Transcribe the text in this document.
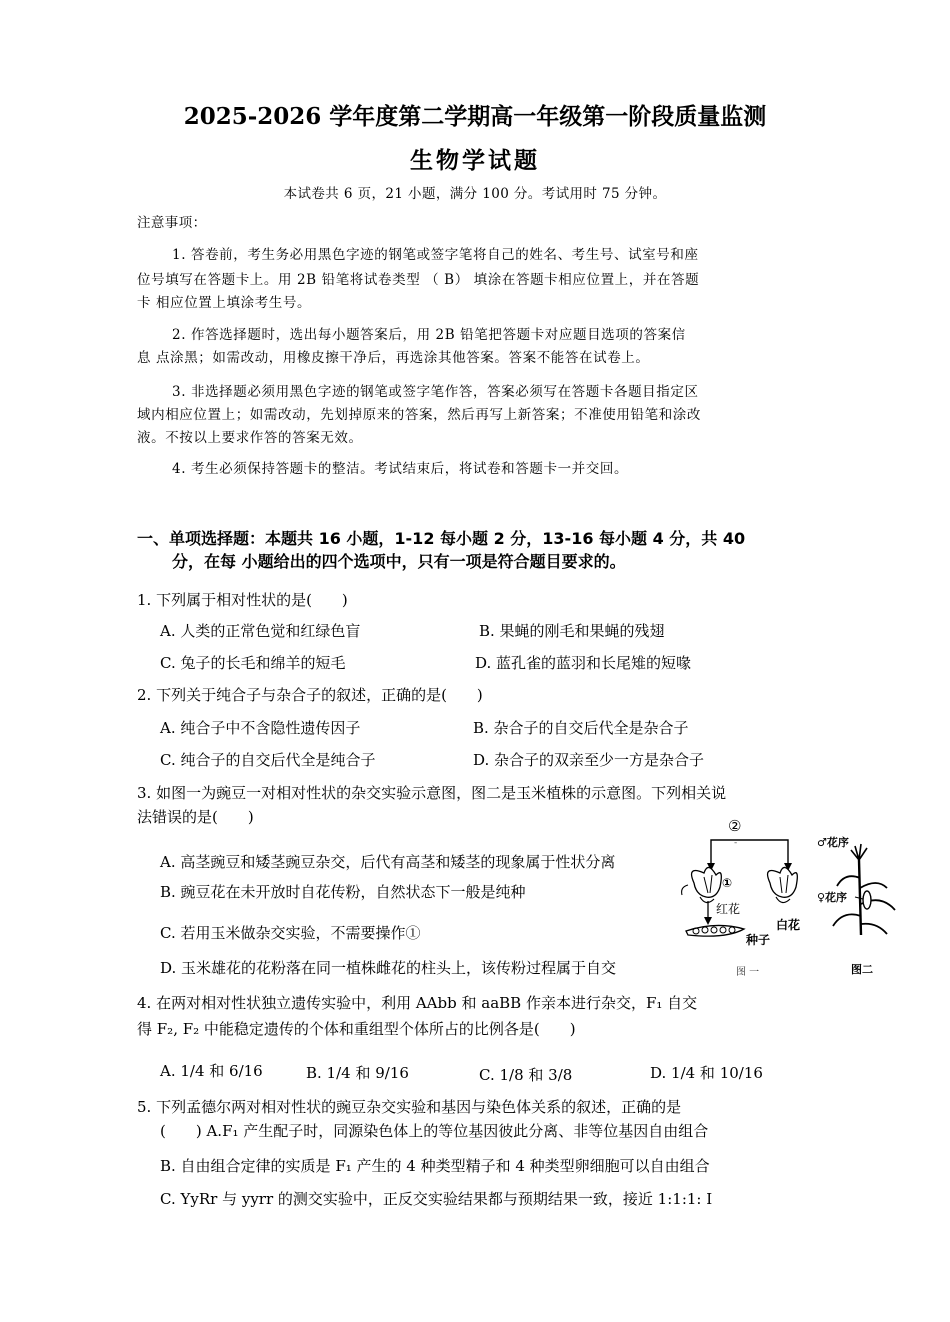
2025-2026 学年度第二学期高一年级第一阶段质量监测
生物学试题
本试卷共 6 页，21 小题，满分 100 分。考试用时 75 分钟。
注意事项：
1. 答卷前，考生务必用黑色字迹的钢笔或签字笔将自己的姓名、考生号、试室号和座
位号填写在答题卡上。用 2B 铅笔将试卷类型 （ B） 填涂在答题卡相应位置上，并在答题
卡 相应位置上填涂考生号。
2. 作答选择题时，选出每小题答案后，用 2B 铅笔把答题卡对应题目选项的答案信
息 点涂黑；如需改动，用橡皮擦干净后，再选涂其他答案。答案不能答在试卷上。
3. 非选择题必须用黑色字迹的钢笔或签字笔作答，答案必须写在答题卡各题目指定区
域内相应位置上；如需改动，先划掉原来的答案，然后再写上新答案；不准使用铅笔和涂改
液。不按以上要求作答的答案无效。
4. 考生必须保持答题卡的整洁。考试结束后，将试卷和答题卡一并交回。
一、单项选择题：本题共 16 小题，1-12 每小题 2 分，13-16 每小题 4 分，共 40
分，在每 小题给出的四个选项中，只有一项是符合题目要求的。
1. 下列属于相对性状的是(　　)
A. 人类的正常色觉和红绿色盲	B. 果蝇的刚毛和果蝇的残翅
C. 兔子的长毛和绵羊的短毛	D. 蓝孔雀的蓝羽和长尾雉的短喙
2. 下列关于纯合子与杂合子的叙述，正确的是(　　)
A. 纯合子中不含隐性遗传因子	B. 杂合子的自交后代全是杂合子
C. 纯合子的自交后代全是纯合子	D. 杂合子的双亲至少一方是杂合子
3. 如图一为豌豆一对相对性状的杂交实验示意图，图二是玉米植株的示意图。下列相关说
法错误的是(　　)
A. 高茎豌豆和矮茎豌豆杂交，后代有高茎和矮茎的现象属于性状分离
B. 豌豆花在未开放时自花传粉，自然状态下一般是纯种
C. 若用玉米做杂交实验，不需要操作①
D. 玉米雄花的花粉落在同一植株雌花的柱头上，该传粉过程属于自交
②
-
①
红花
白花
种子
图 一
♂花序
♀花序
图二
4. 在两对相对性状独立遗传实验中，利用 AAbb 和 aaBB 作亲本进行杂交，F₁ 自交
得 F₂, F₂ 中能稳定遗传的个体和重组型个体所占的比例各是(　　)
A. 1/4 和 6/16	B. 1/4 和 9/16	C. 1/8 和 3/8	D. 1/4 和 10/16
5. 下列孟德尔两对相对性状的豌豆杂交实验和基因与染色体关系的叙述，正确的是
(　　) A.F₁ 产生配子时，同源染色体上的等位基因彼此分离、非等位基因自由组合
B. 自由组合定律的实质是 F₁ 产生的 4 种类型精子和 4 种类型卵细胞可以自由组合
C. YyRr 与 yyrr 的测交实验中，正反交实验结果都与预期结果一致，接近 1:1:1: I
